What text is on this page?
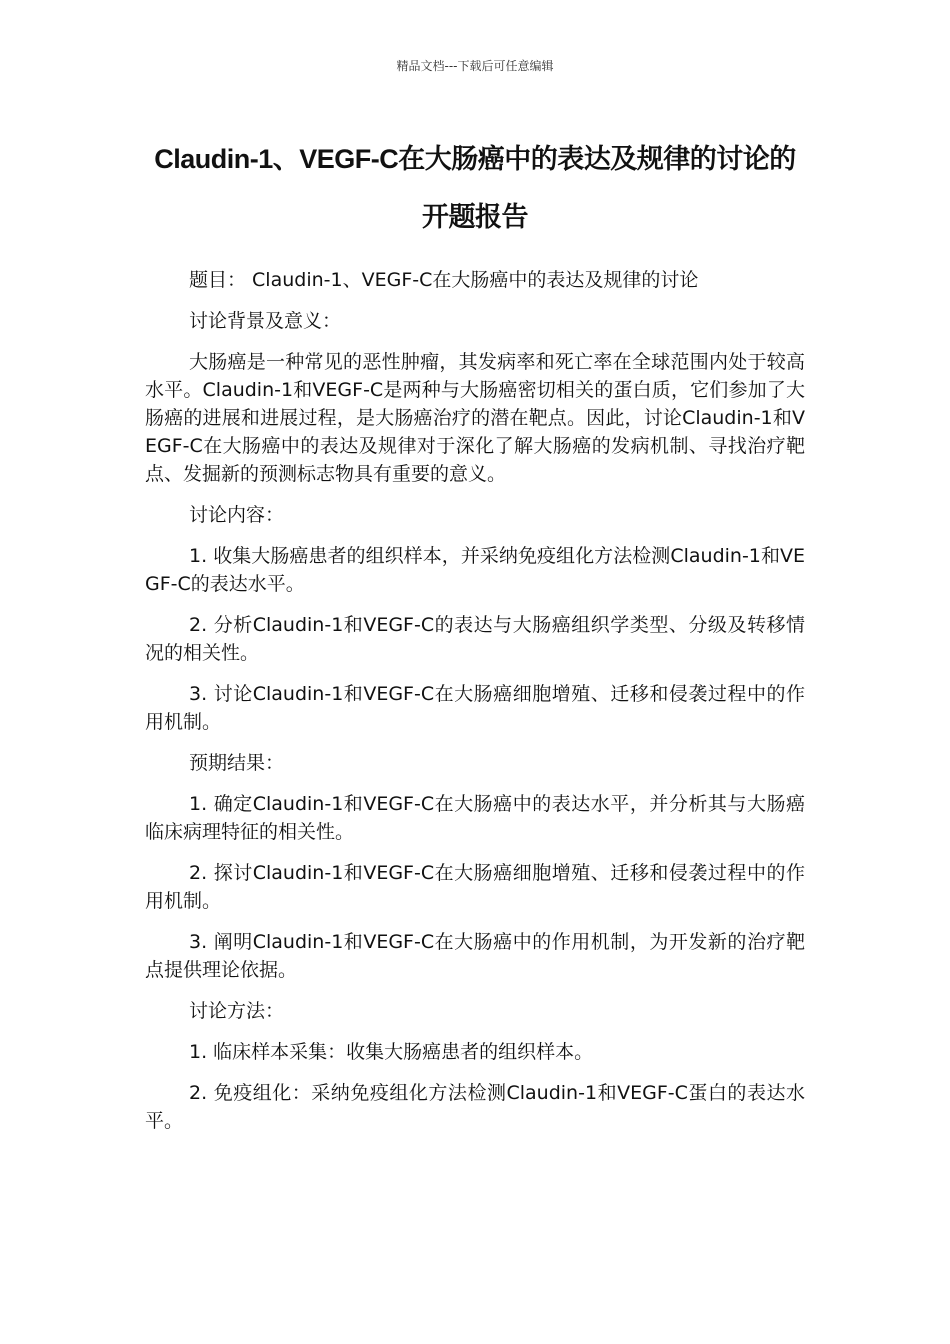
精品文档---下载后可任意编辑
Claudin-1、VEGF-C在大肠癌中的表达及规律的讨论的开题报告

题目： Claudin-1、VEGF-C在大肠癌中的表达及规律的讨论

讨论背景及意义：

大肠癌是一种常见的恶性肿瘤，其发病率和死亡率在全球范围内处于较高水平。Claudin-1和VEGF-C是两种与大肠癌密切相关的蛋白质，它们参加了大肠癌的进展和进展过程，是大肠癌治疗的潜在靶点。因此，讨论Claudin-1和VEGF-C在大肠癌中的表达及规律对于深化了解大肠癌的发病机制、寻找治疗靶点、发掘新的预测标志物具有重要的意义。

讨论内容：

1. 收集大肠癌患者的组织样本，并采纳免疫组化方法检测Claudin-1和VEGF-C的表达水平。

2. 分析Claudin-1和VEGF-C的表达与大肠癌组织学类型、分级及转移情况的相关性。

3. 讨论Claudin-1和VEGF-C在大肠癌细胞增殖、迁移和侵袭过程中的作用机制。

预期结果：

1. 确定Claudin-1和VEGF-C在大肠癌中的表达水平，并分析其与大肠癌临床病理特征的相关性。

2. 探讨Claudin-1和VEGF-C在大肠癌细胞增殖、迁移和侵袭过程中的作用机制。

3. 阐明Claudin-1和VEGF-C在大肠癌中的作用机制，为开发新的治疗靶点提供理论依据。

讨论方法：

1. 临床样本采集：收集大肠癌患者的组织样本。

2. 免疫组化：采纳免疫组化方法检测Claudin-1和VEGF-C蛋白的表达水平。
